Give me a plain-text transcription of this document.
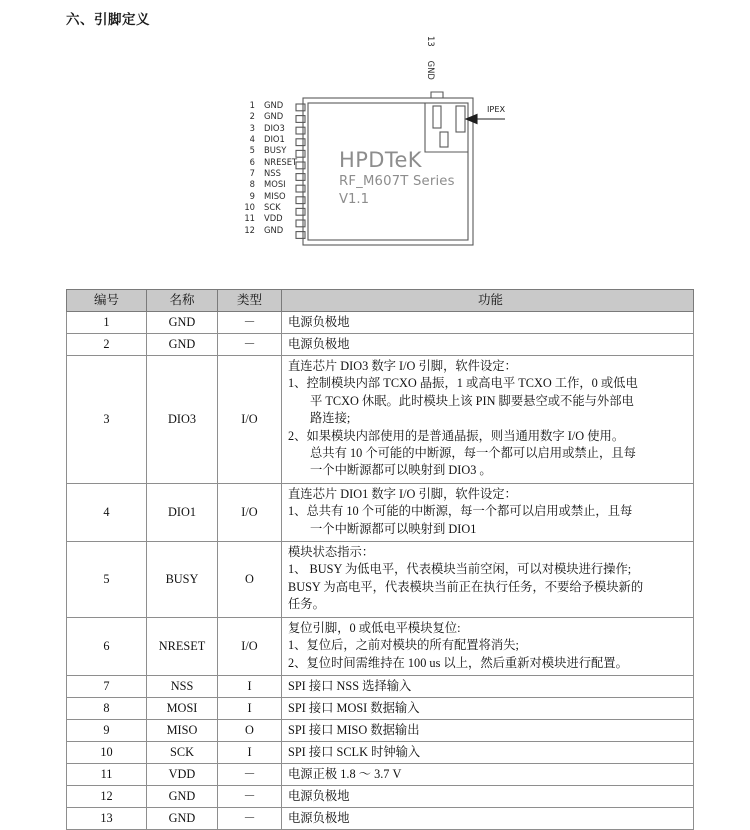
六、引脚定义
1	GND
2	GND
3	DIO3
4	DIO1
5	BUSY
6	NRESET
7	NSS
8	MOSI
9	MISO
10	SCK
11	VDD
12	GND
13GND
IPEX
HPDTeK
RF_M607T Series
V1.1
编号	名称	类型	功能
1	GND	－	电源负极地
2	GND	－	电源负极地
3	DIO3	I/O	
直连芯片 DIO3 数字 I/O 引脚，软件设定：
1、控制模块内部 TCXO 晶振，1 或高电平 TCXO 工作，0 或低电
平 TCXO 休眠。此时模块上该 PIN 脚要悬空或不能与外部电
路连接;
2、如果模块内部使用的是普通晶振，则当通用数字 I/O 使用。
总共有 10 个可能的中断源，每一个都可以启用或禁止，且每
一个中断源都可以映射到 DIO3 。

4	DIO1	I/O	直连芯片 DIO1 数字 I/O 引脚，软件设定：
1、总共有 10 个可能的中断源，每一个都可以启用或禁止，且每
一个中断源都可以映射到 DIO1

5	BUSY	O	模块状态指示：
1、 BUSY 为低电平，代表模块当前空闲，可以对模块进行操作;
BUSY 为高电平，代表模块当前正在执行任务，不要给予模块新的
任务。

6	NRESET	I/O	复位引脚，0 或低电平模块复位:
1、复位后，之前对模块的所有配置将消失;
2、复位时间需维持在 100 us 以上，然后重新对模块进行配置。

7	NSS	I	SPI 接口 NSS 选择输入
8	MOSI	I	SPI 接口 MOSI 数据输入
9	MISO	O	SPI 接口 MISO 数据输出
10	SCK	I	SPI 接口 SCLK 时钟输入
11	VDD	－	电源正极 1.8 ～ 3.7 V
12	GND	－	电源负极地
13	GND	－	电源负极地
